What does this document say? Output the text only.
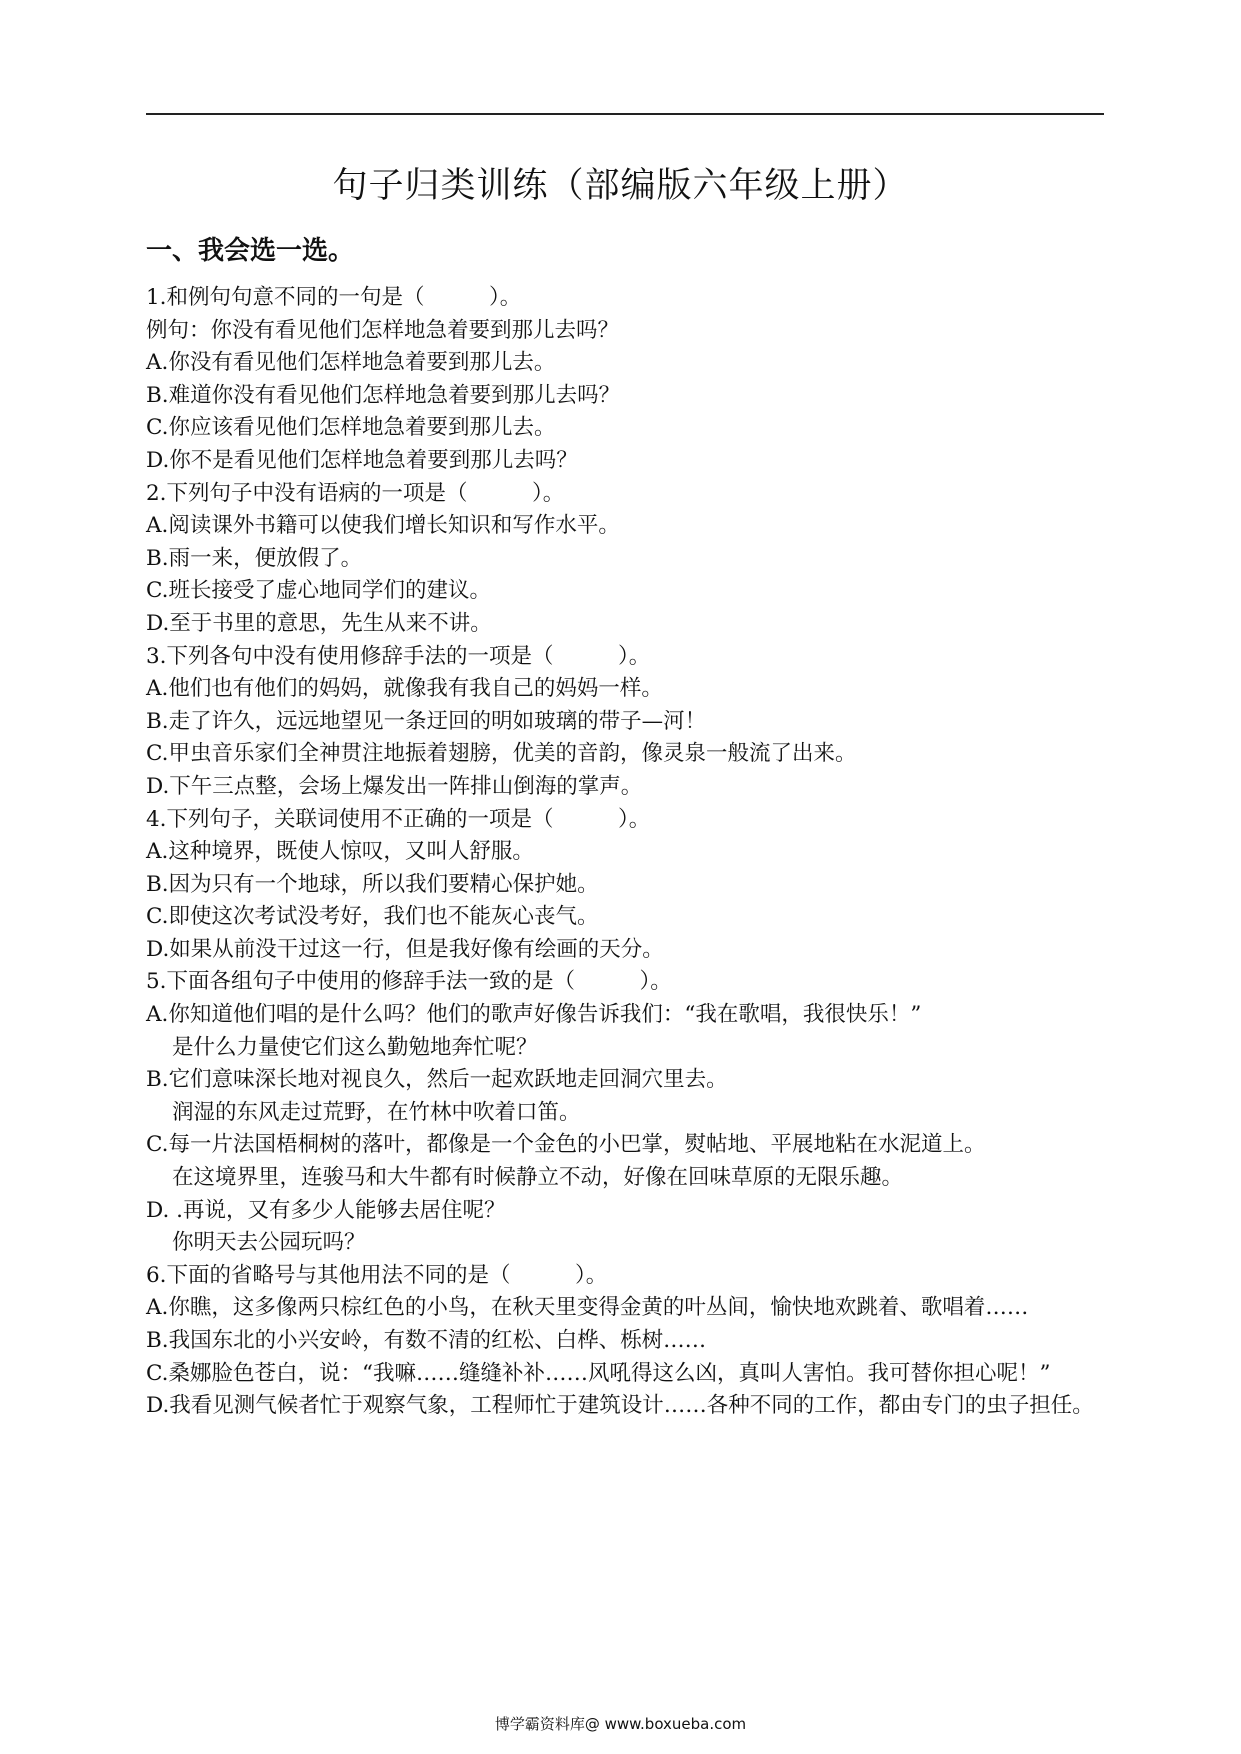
句子归类训练（部编版六年级上册）
一、我会选一选。
1.和例句句意不同的一句是（　　　）。
例句：你没有看见他们怎样地急着要到那儿去吗？
A.你没有看见他们怎样地急着要到那儿去。
B.难道你没有看见他们怎样地急着要到那儿去吗？
C.你应该看见他们怎样地急着要到那儿去。
D.你不是看见他们怎样地急着要到那儿去吗？
2.下列句子中没有语病的一项是（　　　）。
A.阅读课外书籍可以使我们增长知识和写作水平。
B.雨一来，便放假了。
C.班长接受了虚心地同学们的建议。
D.至于书里的意思，先生从来不讲。
3.下列各句中没有使用修辞手法的一项是（　　　）。
A.他们也有他们的妈妈，就像我有我自己的妈妈一样。
B.走了许久，远远地望见一条迂回的明如玻璃的带子—河！
C.甲虫音乐家们全神贯注地振着翅膀，优美的音韵，像灵泉一般流了出来。
D.下午三点整，会场上爆发出一阵排山倒海的掌声。
4.下列句子，关联词使用不正确的一项是（　　　）。
A.这种境界，既使人惊叹，又叫人舒服。
B.因为只有一个地球，所以我们要精心保护她。
C.即使这次考试没考好，我们也不能灰心丧气。
D.如果从前没干过这一行，但是我好像有绘画的天分。
5.下面各组句子中使用的修辞手法一致的是（　　　）。
A.你知道他们唱的是什么吗？他们的歌声好像告诉我们：“我在歌唱，我很快乐！”
是什么力量使它们这么勤勉地奔忙呢？
B.它们意味深长地对视良久，然后一起欢跃地走回洞穴里去。
润湿的东风走过荒野，在竹林中吹着口笛。
C.每一片法国梧桐树的落叶，都像是一个金色的小巴掌，熨帖地、平展地粘在水泥道上。
在这境界里，连骏马和大牛都有时候静立不动，好像在回味草原的无限乐趣。
D. .再说，又有多少人能够去居住呢？
你明天去公园玩吗？
6.下面的省略号与其他用法不同的是（　　　）。
A.你瞧，这多像两只棕红色的小鸟，在秋天里变得金黄的叶丛间，愉快地欢跳着、歌唱着……
B.我国东北的小兴安岭，有数不清的红松、白桦、栎树……
C.桑娜脸色苍白，说：“我嘛……缝缝补补……风吼得这么凶，真叫人害怕。我可替你担心呢！”
D.我看见测气候者忙于观察气象，工程师忙于建筑设计……各种不同的工作，都由专门的虫子担任。
博学霸资料库@ www.boxueba.com
